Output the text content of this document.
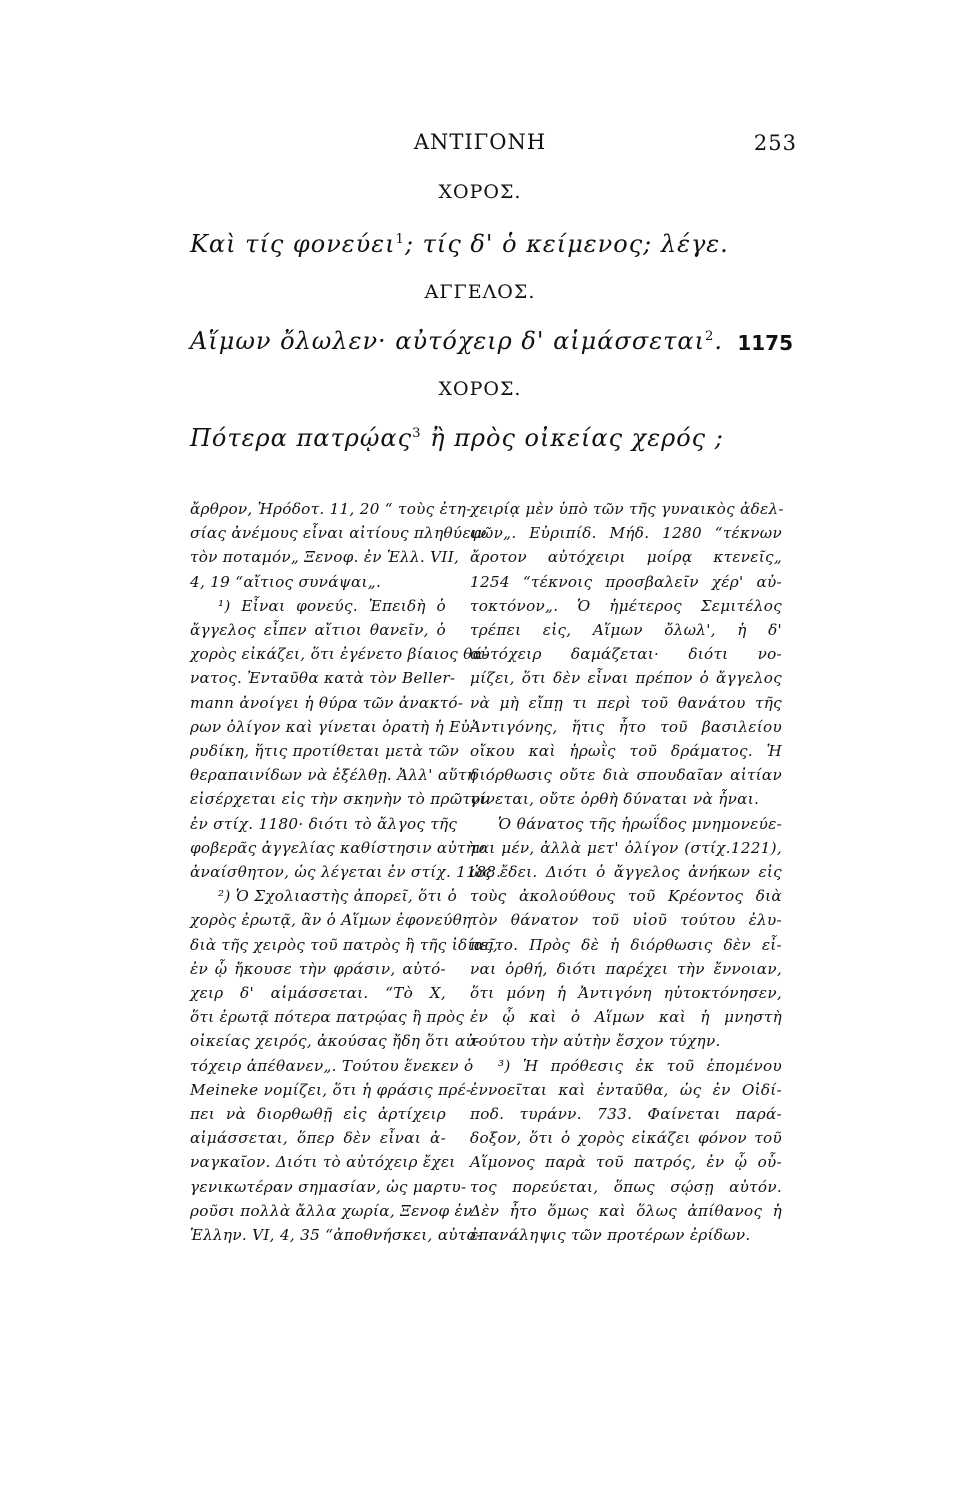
ΑΝΤΙΓΟΝΗ	253
ΧΟΡΟΣ.
Καὶ τίς φονεύει$^1$; τίς δ' ὁ κείμενος; λέγε.
ΑΓΓΕΛΟΣ.
Αἵμων ὄλωλεν· αὐτόχειρ δ' αἱμάσσεται$^2$. 1175
ΧΟΡΟΣ.
Πότερα πατρῴας$^3$ ἢ πρὸς οἰκείας χερός ;
ἄρθρον, Ἡρόδοτ. 11, 20 “ τοὺς ἐτη-
σίας ἀνέμους εἶναι αἰτίους πληθύειν
τὸν ποταμόν„ Ξενοφ. ἐν Ἑλλ. VII,
4, 19 “αἴτιος συνάψαι„.
¹) Εἶναι φονεύς. Ἐπειδὴ ὁ
ἄγγελος εἶπεν αἴτιοι θανεῖν, ὁ
χορὸς εἰκάζει, ὅτι ἐγένετο βίαιος θά-
νατος. Ἐνταῦθα κατὰ τὸν Beller-
mann ἀνοίγει ἡ θύρα τῶν ἀνακτό-
ρων ὀλίγον καὶ γίνεται ὁρατὴ ἡ Εὐ-
ρυδίκη, ἥτις προτίθεται μετὰ τῶν
θεραπαινίδων νὰ ἐξέλθῃ. Ἀλλ' αὕτη
εἰσέρχεται εἰς τὴν σκηνὴν τὸ πρῶτον
ἐν στίχ. 1180· διότι τὸ ἄλγος τῆς
φοβερᾶς ἀγγελίας καθίστησιν αὐτὴν
ἀναίσθητον, ὡς λέγεται ἐν στίχ. 1188.
²) Ὁ Σχολιαστὴς ἀπορεῖ, ὅτι ὁ
χορὸς ἐρωτᾷ, ἂν ὁ Αἵμων ἐφονεύθη
διὰ τῆς χειρὸς τοῦ πατρὸς ἢ τῆς ἰδίας,
ἐν ᾧ ἤκουσε τὴν φράσιν, αὐτό-
χειρ δ' αἱμάσσεται. “Τὸ Χ,
ὅτι ἐρωτᾷ πότερα πατρῴας ἢ πρὸς
οἰκείας χειρός, ἀκούσας ἤδη ὅτι αὐ-
τόχειρ ἀπέθανεν„. Τούτου ἕνεκεν ὁ
Meineke νομίζει, ὅτι ἡ φράσις πρέ-
πει νὰ διορθωθῇ εἰς ἀρτίχειρ
αἱμάσσεται, ὅπερ δὲν εἶναι ἀ-
ναγκαῖον. Διότι τὸ αὐτόχειρ ἔχει
γενικωτέραν σημασίαν, ὡς μαρτυ-
ροῦσι πολλὰ ἄλλα χωρία, Ξενοφ ἐν
Ἑλλην. VI, 4, 35 “ἀποθνήσκει, αὐτο-
χειρίᾳ μὲν ὑπὸ τῶν τῆς γυναικὸς ἀδελ-
φῶν„. Εὐριπίδ. Μήδ. 1280 “τέκνων
ἄροτον αὐτόχειρι μοίρᾳ κτενεῖς„
1254 “τέκνοις προσβαλεῖν χέρ' αὐ-
τοκτόνον„. Ὁ ἡμέτερος Σεμιτέλος
τρέπει εἰς, Αἵμων ὄλωλ', ἡ δ'
αὐτόχειρ δαμάζεται· διότι νο-
μίζει, ὅτι δὲν εἶναι πρέπον ὁ ἄγγελος
νὰ μὴ εἴπῃ τι περὶ τοῦ θανάτου τῆς
Ἀντιγόνης, ἥτις ἦτο τοῦ βασιλείου
οἴκου καὶ ἡρωῒς τοῦ δράματος. Ἡ
διόρθωσις οὔτε διὰ σπουδαῖαν αἰτίαν
γίνεται, οὔτε ὀρθὴ δύναται νὰ ἦναι.
Ὁ θάνατος τῆς ἡρωΐδος μνημονεύε-
ται μέν, ἀλλὰ μετ' ὀλίγον (στίχ.1221),
ὡς ἔδει. Διότι ὁ ἄγγελος ἀνήκων εἰς
τοὺς ἀκολούθους τοῦ Κρέοντος διὰ
τὸν θάνατον τοῦ υἱοῦ τούτου ἐλυ-
πεῖτο. Πρὸς δὲ ἡ διόρθωσις δὲν εἶ-
ναι ὀρθή, διότι παρέχει τὴν ἔννοιαν,
ὅτι μόνη ἡ Ἀντιγόνη ηὐτοκτόνησεν,
ἐν ᾧ καὶ ὁ Αἵμων καὶ ἡ μνηστὴ
τούτου τὴν αὐτὴν ἔσχον τύχην.
³) Ἡ πρόθεσις ἐκ τοῦ ἑπομένου
ἐννοεῖται καὶ ἐνταῦθα, ὡς ἐν Οἰδί-
ποδ. τυράνν. 733. Φαίνεται παρά-
δοξον, ὅτι ὁ χορὸς εἰκάζει φόνον τοῦ
Αἵμονος παρὰ τοῦ πατρός, ἐν ᾧ οὗ-
τος πορεύεται, ὅπως σῴσῃ αὐτόν.
Δὲν ἦτο ὅμως καὶ ὅλως ἀπίθανος ἡ
ἐπανάληψις τῶν προτέρων ἐρίδων.
